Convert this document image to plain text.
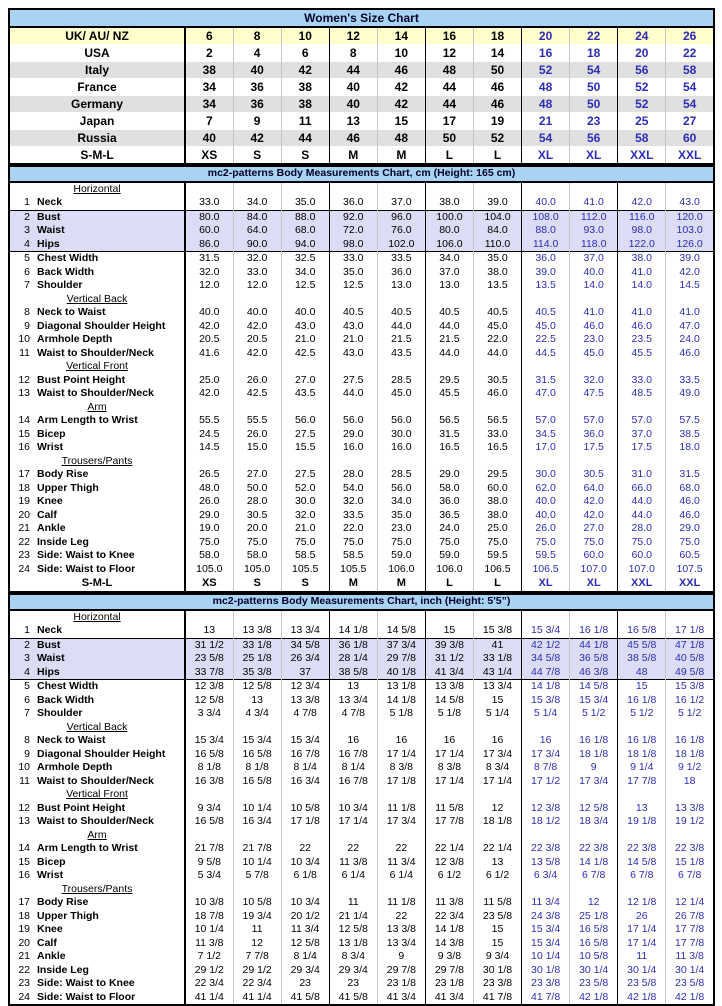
Women's Size Chart											
UK/ AU/ NZ	6	8	10	12	14	16	18	20	22	24	26
USA	2	4	6	8	10	12	14	16	18	20	22
Italy	38	40	42	44	46	48	50	52	54	56	58
France	34	36	38	40	42	44	46	48	50	52	54
Germany	34	36	38	40	42	44	46	48	50	52	54
Japan	7	9	11	13	15	17	19	21	23	25	27
Russia	40	42	44	46	48	50	52	54	56	58	60
S-M-L	XS	S	S	M	M	L	L	XL	XL	XXL	XXL
mc2-patterns Body Measurements Chart, cm (Height: 165 cm)											

Horizontal											

1 Neck	33.0	34.0	35.0	36.0	37.0	38.0	39.0	40.0	41.0	42.0	43.0
2 Bust	80.0	84.0	88.0	92.0	96.0	100.0	104.0	108.0	112.0	116.0	120.0
3 Waist	60.0	64.0	68.0	72.0	76.0	80.0	84.0	88.0	93.0	98.0	103.0
4 Hips	86.0	90.0	94.0	98.0	102.0	106.0	110.0	114.0	118.0	122.0	126.0
5 Chest Width	31.5	32.0	32.5	33.0	33.5	34.0	35.0	36.0	37.0	38.0	39.0
6 Back Width	32.0	33.0	34.0	35.0	36.0	37.0	38.0	39.0	40.0	41.0	42.0
7 Shoulder	12.0	12.0	12.5	12.5	13.0	13.0	13.5	13.5	14.0	14.0	14.5

Vertical Back											

8 Neck to Waist	40.0	40.0	40.0	40.5	40.5	40.5	40.5	40.5	41.0	41.0	41.0
9 Diagonal Shoulder Height	42.0	42.0	43.0	43.0	44.0	44.0	45.0	45.0	46.0	46.0	47.0
10 Armhole Depth	20.5	20.5	21.0	21.0	21.5	21.5	22.0	22.5	23.0	23.5	24.0
11 Waist to Shoulder/Neck	41.6	42.0	42.5	43.0	43.5	44.0	44.0	44.5	45.0	45.5	46.0

Vertical Front											

12 Bust Point Height	25.0	26.0	27.0	27.5	28.5	29.5	30.5	31.5	32.0	33.0	33.5
13 Waist to Shoulder/Neck	42.0	42.5	43.5	44.0	45.0	45.5	46.0	47.0	47.5	48.5	49.0

Arm											

14 Arm Length to Wrist	55.5	55.5	56.0	56.0	56.0	56.5	56.5	57.0	57.0	57.0	57.5
15 Bicep	24.5	26.0	27.5	29.0	30.0	31.5	33.0	34.5	36.0	37.0	38.5
16 Wrist	14.5	15.0	15.5	16.0	16.0	16.5	16.5	17.0	17.5	17.5	18.0

Trousers/Pants											

17 Body Rise	26.5	27.0	27.5	28.0	28.5	29.0	29.5	30.0	30.5	31.0	31.5
18 Upper Thigh	48.0	50.0	52.0	54.0	56.0	58.0	60.0	62.0	64.0	66.0	68.0
19 Knee	26.0	28.0	30.0	32.0	34.0	36.0	38.0	40.0	42.0	44.0	46.0
20 Calf	29.0	30.5	32.0	33.5	35.0	36.5	38.0	40.0	42.0	44.0	46.0
21 Ankle	19.0	20.0	21.0	22.0	23.0	24.0	25.0	26.0	27.0	28.0	29.0
22 Inside Leg	75.0	75.0	75.0	75.0	75.0	75.0	75.0	75.0	75.0	75.0	75.0
23 Side: Waist to Knee	58.0	58.0	58.5	58.5	59.0	59.0	59.5	59.5	60.0	60.0	60.5
24 Side: Waist to Floor	105.0	105.0	105.5	105.5	106.0	106.0	106.5	106.5	107.0	107.0	107.5
S-M-L	XS	S	S	M	M	L	L	XL	XL	XXL	XXL
mc2-patterns Body Measurements Chart, inch (Height: 5'5”)											

Horizontal											

1 Neck	13	13 3/8	13 3/4	14 1/8	14 5/8	15	15 3/8	15 3/4	16 1/8	16 5/8	17 1/8
2 Bust	31 1/2	33 1/8	34 5/8	36 1/8	37 3/4	39 3/8	41	42 1/2	44 1/8	45 5/8	47 1/8
3 Waist	23 5/8	25 1/8	26 3/4	28 1/4	29 7/8	31 1/2	33 1/8	34 5/8	36 5/8	38 5/8	40 5/8
4 Hips	33 7/8	35 3/8	37	38 5/8	40 1/8	41 3/4	43 1/4	44 7/8	46 3/8	48	49 5/8
5 Chest Width	12 3/8	12 5/8	12 3/4	13	13 1/8	13 3/8	13 3/4	14 1/8	14 5/8	15	15 3/8
6 Back Width	12 5/8	13	13 3/8	13 3/4	14 1/8	14 5/8	15	15 3/8	15 3/4	16 1/8	16 1/2
7 Shoulder	3 3/4	4 3/4	4 7/8	4 7/8	5 1/8	5 1/8	5 1/4	5 1/4	5 1/2	5 1/2	5 1/2

Vertical Back											

8 Neck to Waist	15 3/4	15 3/4	15 3/4	16	16	16	16	16	16 1/8	16 1/8	16 1/8
9 Diagonal Shoulder Height	16 5/8	16 5/8	16 7/8	16 7/8	17 1/4	17 1/4	17 3/4	17 3/4	18 1/8	18 1/8	18 1/8
10 Armhole Depth	8 1/8	8 1/8	8 1/4	8 1/4	8 3/8	8 3/8	8 3/4	8 7/8	9	9 1/4	9 1/2
11 Waist to Shoulder/Neck	16 3/8	16 5/8	16 3/4	16 7/8	17 1/8	17 1/4	17 1/4	17 1/2	17 3/4	17 7/8	18

Vertical Front											

12 Bust Point Height	9 3/4	10 1/4	10 5/8	10 3/4	11 1/8	11 5/8	12	12 3/8	12 5/8	13	13 3/8
13 Waist to Shoulder/Neck	16 5/8	16 3/4	17 1/8	17 1/4	17 3/4	17 7/8	18 1/8	18 1/2	18 3/4	19 1/8	19 1/2

Arm											

14 Arm Length to Wrist	21 7/8	21 7/8	22	22	22	22 1/4	22 1/4	22 3/8	22 3/8	22 3/8	22 3/8
15 Bicep	9 5/8	10 1/4	10 3/4	11 3/8	11 3/4	12 3/8	13	13 5/8	14 1/8	14 5/8	15 1/8
16 Wrist	5 3/4	5 7/8	6 1/8	6 1/4	6 1/4	6 1/2	6 1/2	6 3/4	6 7/8	6 7/8	6 7/8

Trousers/Pants											

17 Body Rise	10 3/8	10 5/8	10 3/4	11	11 1/8	11 3/8	11 5/8	11 3/4	12	12 1/8	12 1/4
18 Upper Thigh	18 7/8	19 3/4	20 1/2	21 1/4	22	22 3/4	23 5/8	24 3/8	25 1/8	26	26 7/8
19 Knee	10 1/4	11	11 3/4	12 5/8	13 3/8	14 1/8	15	15 3/4	16 5/8	17 1/4	17 7/8
20 Calf	11 3/8	12	12 5/8	13 1/8	13 3/4	14 3/8	15	15 3/4	16 5/8	17 1/4	17 7/8
21 Ankle	7 1/2	7 7/8	8 1/4	8 3/4	9	9 3/8	9 3/4	10 1/4	10 5/8	11	11 3/8
22 Inside Leg	29 1/2	29 1/2	29 3/4	29 3/4	29 7/8	29 7/8	30 1/8	30 1/8	30 1/4	30 1/4	30 1/4
23 Side: Waist to Knee	22 3/4	22 3/4	23	23	23 1/8	23 1/8	23 3/8	23 3/8	23 5/8	23 5/8	23 5/8
24 Side: Waist to Floor	41 1/4	41 1/4	41 5/8	41 5/8	41 3/4	41 3/4	41 7/8	41 7/8	42 1/8	42 1/8	42 1/8
